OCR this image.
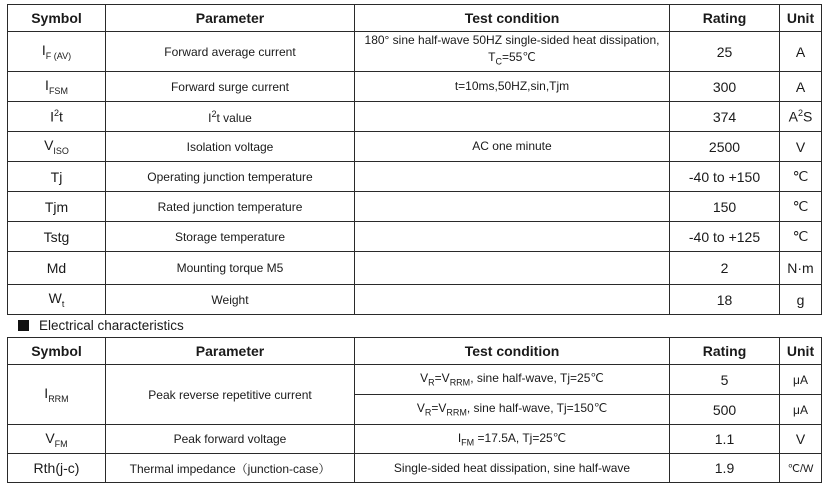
Symbol	Parameter	Test condition	Rating	Unit
$I_{F (AV)}$	Forward average current	180° sine half-wave 50HZ single-sided heat dissipation, $T_C=55℃$	25	A
$I_{FSM}$	Forward surge current	t=10ms,50HZ,sin,Tjm	300	A
$I^2t$	$I^2t$ value		374	$A^2S$
$V_{ISO}$	Isolation voltage	AC one minute	2500	V
Tj	Operating junction temperature		-40 to +150	℃
Tjm	Rated junction temperature		150	℃
Tstg	Storage temperature		-40 to +125	℃
Md	Mounting torque M5		2	N·m
$W_t$	Weight		18	g
Electrical characteristics
Symbol	Parameter	Test condition	Rating	Unit
$I_{RRM}$	Peak reverse repetitive current	$V_R=V_{RRM}$, sine half-wave, Tj=25℃	5	μA
		$V_R=V_{RRM}$, sine half-wave, Tj=150℃	500	μA
$V_{FM}$	Peak forward voltage	$I_{FM} =17.5A$, Tj=25℃	1.1	V
Rth(j-c)	Thermal impedance（junction-case）	Single-sided heat dissipation, sine half-wave	1.9	℃/W
